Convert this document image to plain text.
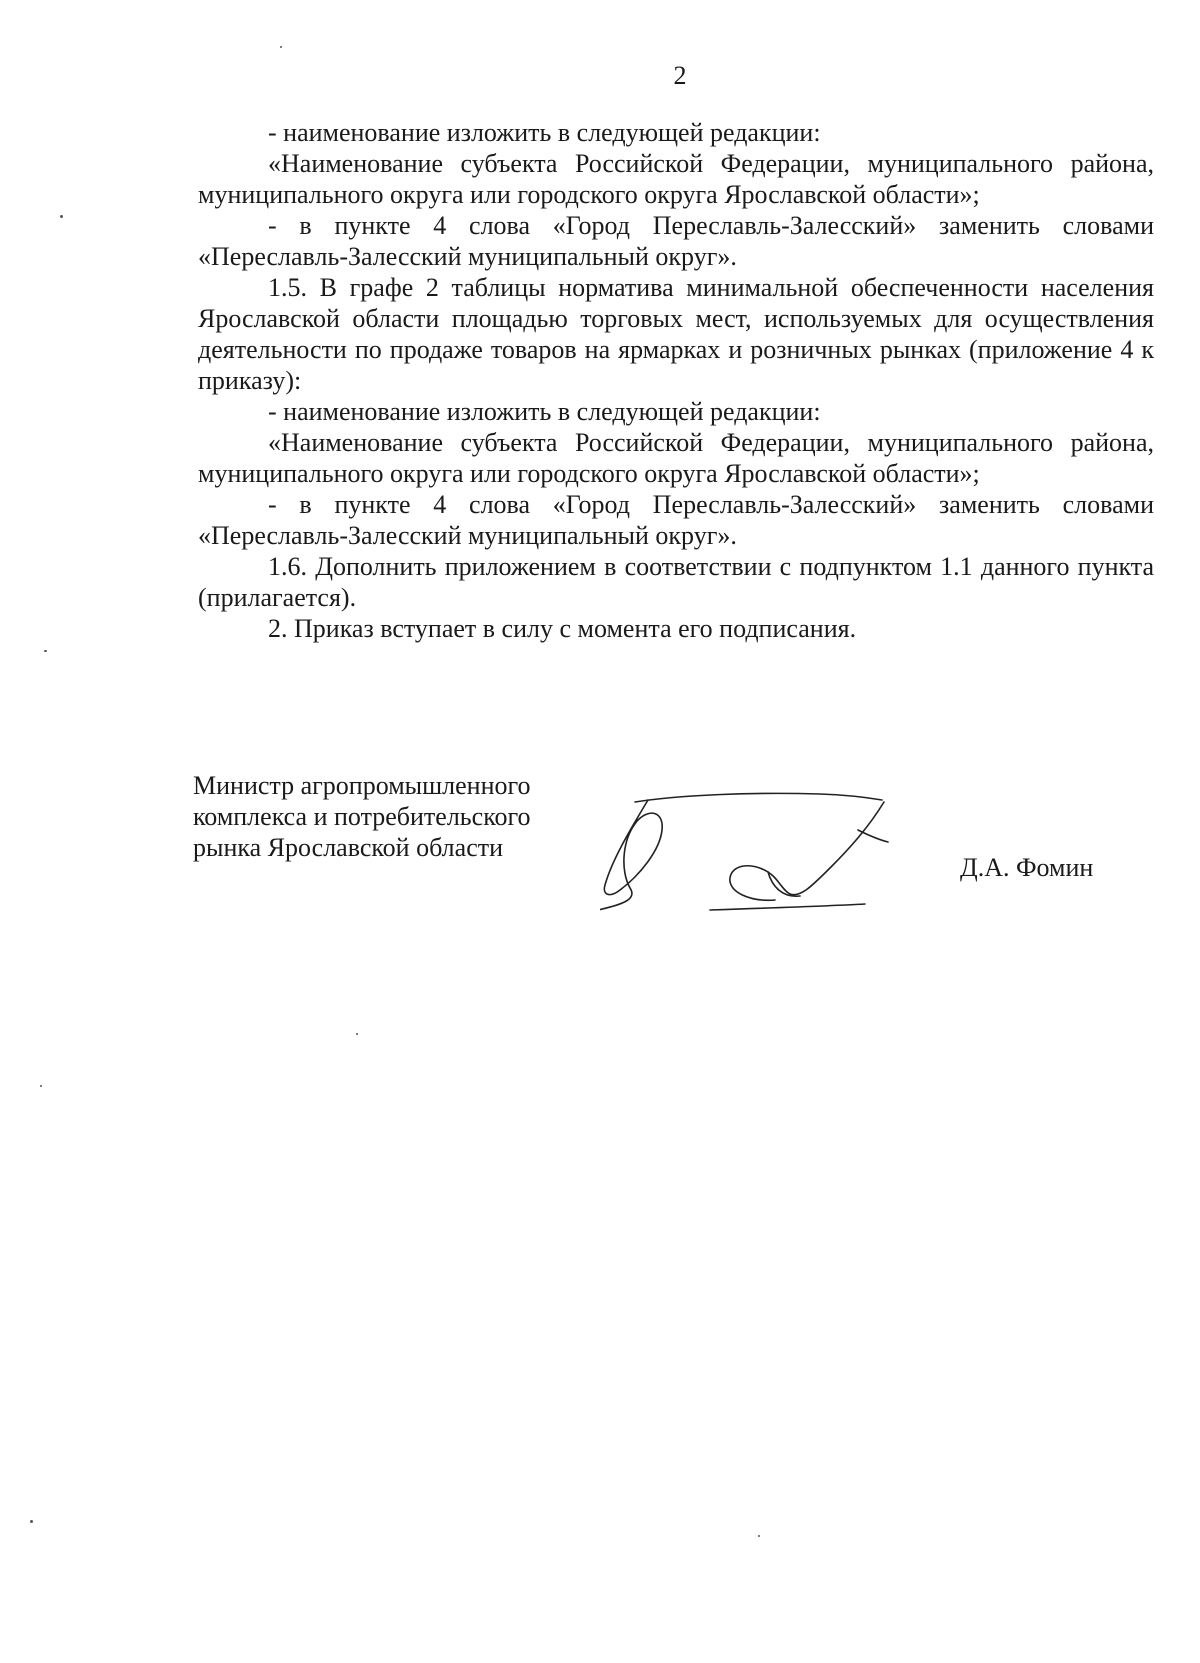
2

- наименование изложить в следующей редакции:

«Наименование субъекта Российской Федерации, муниципального района, муниципального округа или городского округа Ярославской области»;

- в пункте 4 слова «Город Переславль-Залесский» заменить словами «Переславль-Залесский муниципальный округ».

1.5. В графе 2 таблицы норматива минимальной обеспеченности населения Ярославской области площадью торговых мест, используемых для осуществления деятельности по продаже товаров на ярмарках и розничных рынках (приложение 4 к приказу):

- наименование изложить в следующей редакции:

«Наименование субъекта Российской Федерации, муниципального района, муниципального округа или городского округа Ярославской области»;

- в пункте 4 слова «Город Переславль-Залесский» заменить словами «Переславль-Залесский муниципальный округ».

1.6. Дополнить приложением в соответствии с подпунктом 1.1 данного пункта (прилагается).

2. Приказ вступает в силу с момента его подписания.

Министр агропромышленного
комплекса и потребительского
рынка Ярославской области
Д.А. Фомин
